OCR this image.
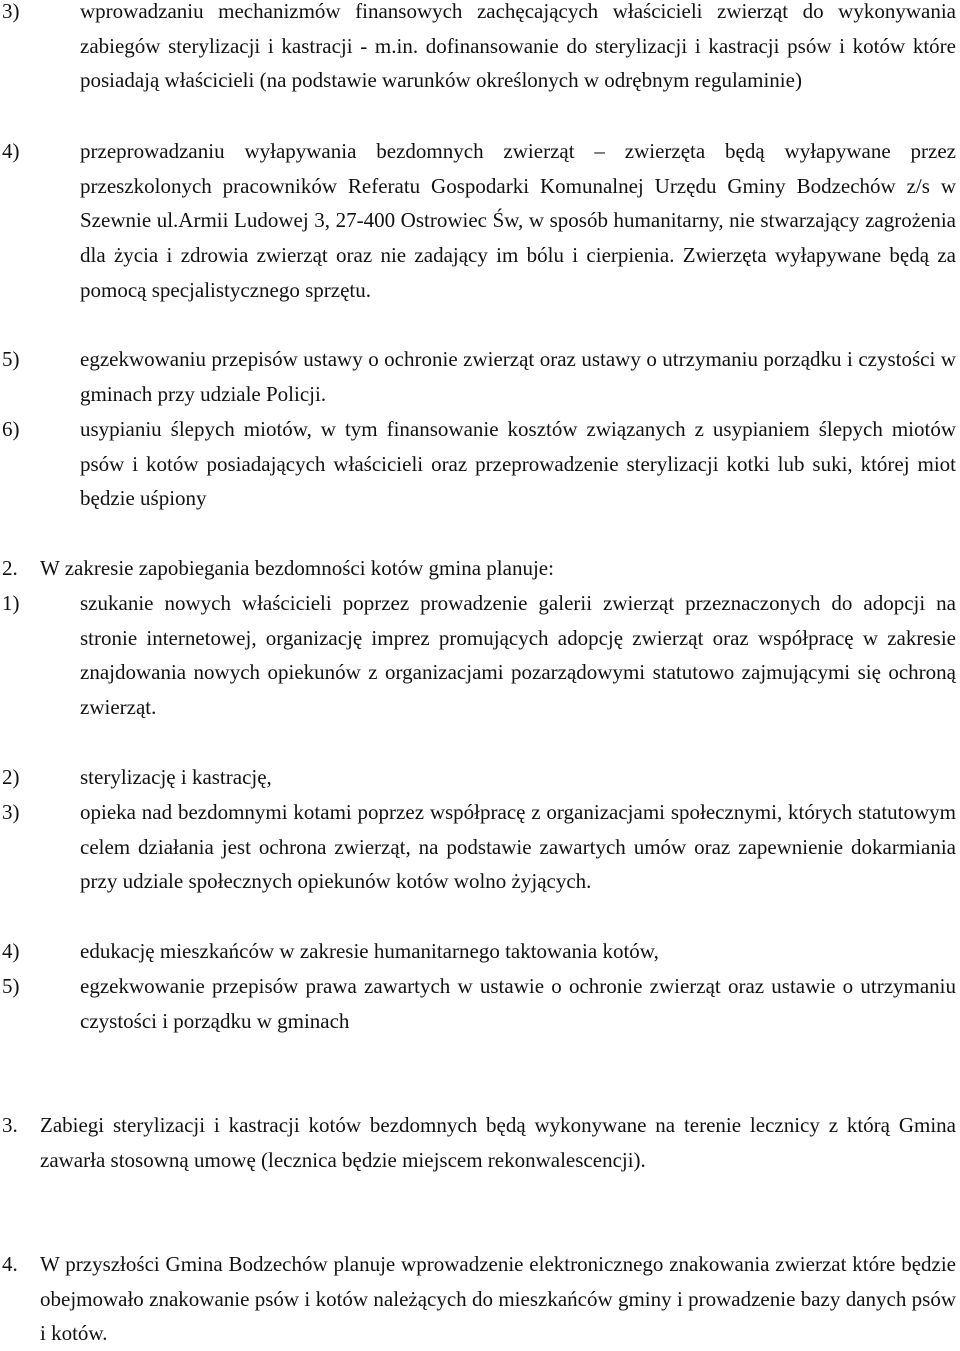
3)	wprowadzaniu mechanizmów finansowych zachęcających właścicieli zwierząt do wykonywania zabiegów sterylizacji i kastracji - m.in. dofinansowanie do sterylizacji i kastracji psów i kotów które posiadają właścicieli (na podstawie warunków określonych w odrębnym regulaminie)

4)	przeprowadzaniu wyłapywania bezdomnych zwierząt – zwierzęta będą wyłapywane przez przeszkolonych pracowników Referatu Gospodarki Komunalnej Urzędu Gminy Bodzechów z/s w Szewnie ul.Armii Ludowej 3, 27-400 Ostrowiec Św, w sposób humanitarny, nie stwarzający zagrożenia dla życia i zdrowia zwierząt oraz nie zadający im bólu i cierpienia. Zwierzęta wyłapywane będą za pomocą specjalistycznego sprzętu.

5)	egzekwowaniu przepisów ustawy o ochronie zwierząt oraz ustawy o utrzymaniu porządku i czystości w gminach przy udziale Policji.

6)	usypianiu ślepych miotów, w tym finansowanie kosztów związanych z usypianiem ślepych miotów psów i kotów posiadających właścicieli oraz przeprowadzenie sterylizacji kotki lub suki, której miot będzie uśpiony

2. W zakresie zapobiegania bezdomności kotów gmina planuje:

1)	szukanie nowych właścicieli poprzez prowadzenie galerii zwierząt przeznaczonych do adopcji na stronie internetowej, organizację imprez promujących adopcję zwierząt oraz współpracę w zakresie znajdowania nowych opiekunów z organizacjami pozarządowymi statutowo zajmującymi się ochroną zwierząt.

2)	sterylizację i kastrację,

3)	opieka nad bezdomnymi kotami poprzez współpracę z organizacjami społecznymi, których statutowym celem działania jest ochrona zwierząt, na podstawie zawartych umów oraz zapewnienie dokarmiania przy udziale społecznych opiekunów kotów wolno żyjących.

4)	edukację mieszkańców w zakresie humanitarnego taktowania kotów,

5)	egzekwowanie przepisów prawa zawartych w ustawie o ochronie zwierząt oraz ustawie o utrzymaniu czystości i porządku w gminach

3. Zabiegi sterylizacji i kastracji kotów bezdomnych będą wykonywane na terenie lecznicy z którą Gmina zawarła stosowną umowę (lecznica będzie miejscem rekonwalescencji).

4. W przyszłości Gmina Bodzechów planuje wprowadzenie elektronicznego znakowania zwierzat które będzie obejmowało znakowanie psów i kotów należących do mieszkańców gminy i prowadzenie bazy danych psów i kotów.
